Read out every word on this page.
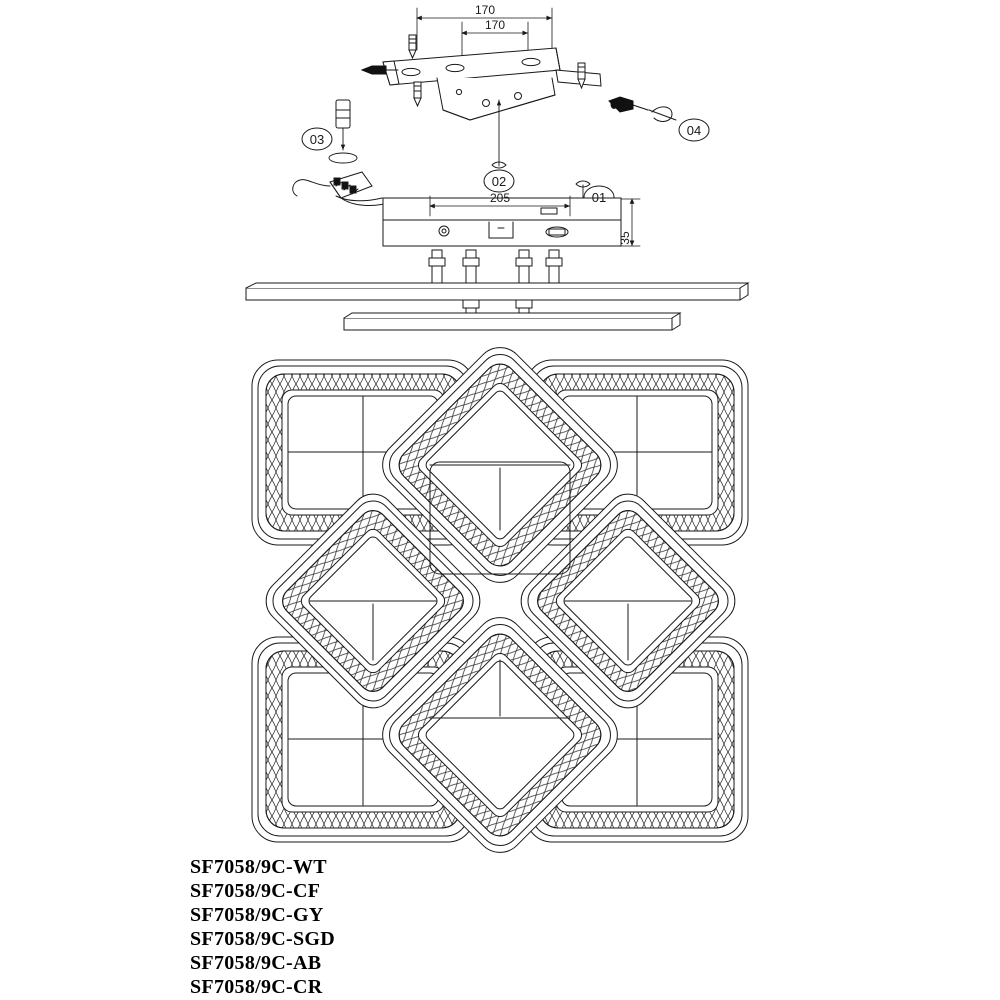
170
170
205
35
01
02
03
04
SF7058/9C-WT
SF7058/9C-CF
SF7058/9C-GY
SF7058/9C-SGD
SF7058/9C-AB
SF7058/9C-CR
